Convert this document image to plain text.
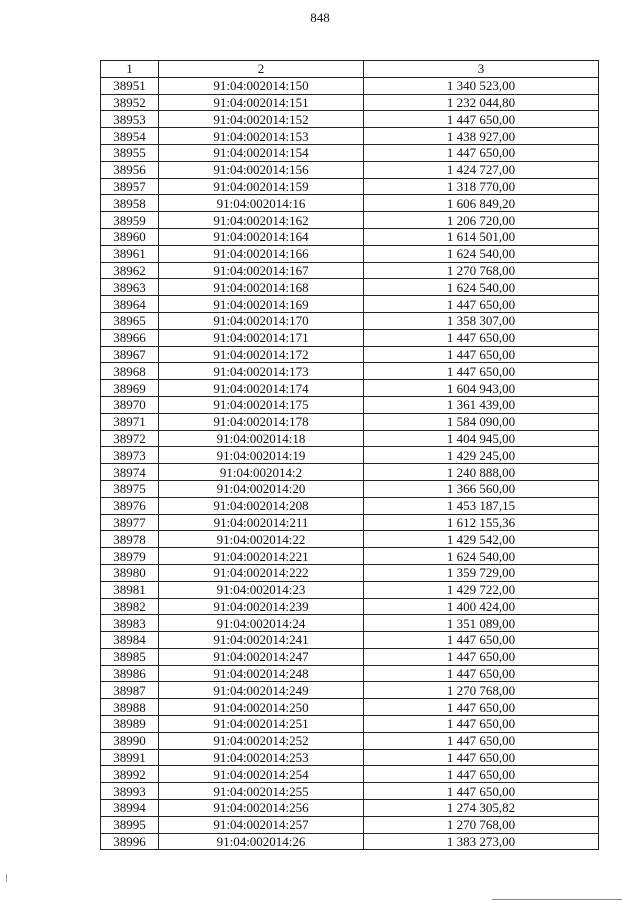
848
1	2	3
38951	91:04:002014:150	1 340 523,00
38952	91:04:002014:151	1 232 044,80
38953	91:04:002014:152	1 447 650,00
38954	91:04:002014:153	1 438 927,00
38955	91:04:002014:154	1 447 650,00
38956	91:04:002014:156	1 424 727,00
38957	91:04:002014:159	1 318 770,00
38958	91:04:002014:16	1 606 849,20
38959	91:04:002014:162	1 206 720,00
38960	91:04:002014:164	1 614 501,00
38961	91:04:002014:166	1 624 540,00
38962	91:04:002014:167	1 270 768,00
38963	91:04:002014:168	1 624 540,00
38964	91:04:002014:169	1 447 650,00
38965	91:04:002014:170	1 358 307,00
38966	91:04:002014:171	1 447 650,00
38967	91:04:002014:172	1 447 650,00
38968	91:04:002014:173	1 447 650,00
38969	91:04:002014:174	1 604 943,00
38970	91:04:002014:175	1 361 439,00
38971	91:04:002014:178	1 584 090,00
38972	91:04:002014:18	1 404 945,00
38973	91:04:002014:19	1 429 245,00
38974	91:04:002014:2	1 240 888,00
38975	91:04:002014:20	1 366 560,00
38976	91:04:002014:208	1 453 187,15
38977	91:04:002014:211	1 612 155,36
38978	91:04:002014:22	1 429 542,00
38979	91:04:002014:221	1 624 540,00
38980	91:04:002014:222	1 359 729,00
38981	91:04:002014:23	1 429 722,00
38982	91:04:002014:239	1 400 424,00
38983	91:04:002014:24	1 351 089,00
38984	91:04:002014:241	1 447 650,00
38985	91:04:002014:247	1 447 650,00
38986	91:04:002014:248	1 447 650,00
38987	91:04:002014:249	1 270 768,00
38988	91:04:002014:250	1 447 650,00
38989	91:04:002014:251	1 447 650,00
38990	91:04:002014:252	1 447 650,00
38991	91:04:002014:253	1 447 650,00
38992	91:04:002014:254	1 447 650,00
38993	91:04:002014:255	1 447 650,00
38994	91:04:002014:256	1 274 305,82
38995	91:04:002014:257	1 270 768,00
38996	91:04:002014:26	1 383 273,00
